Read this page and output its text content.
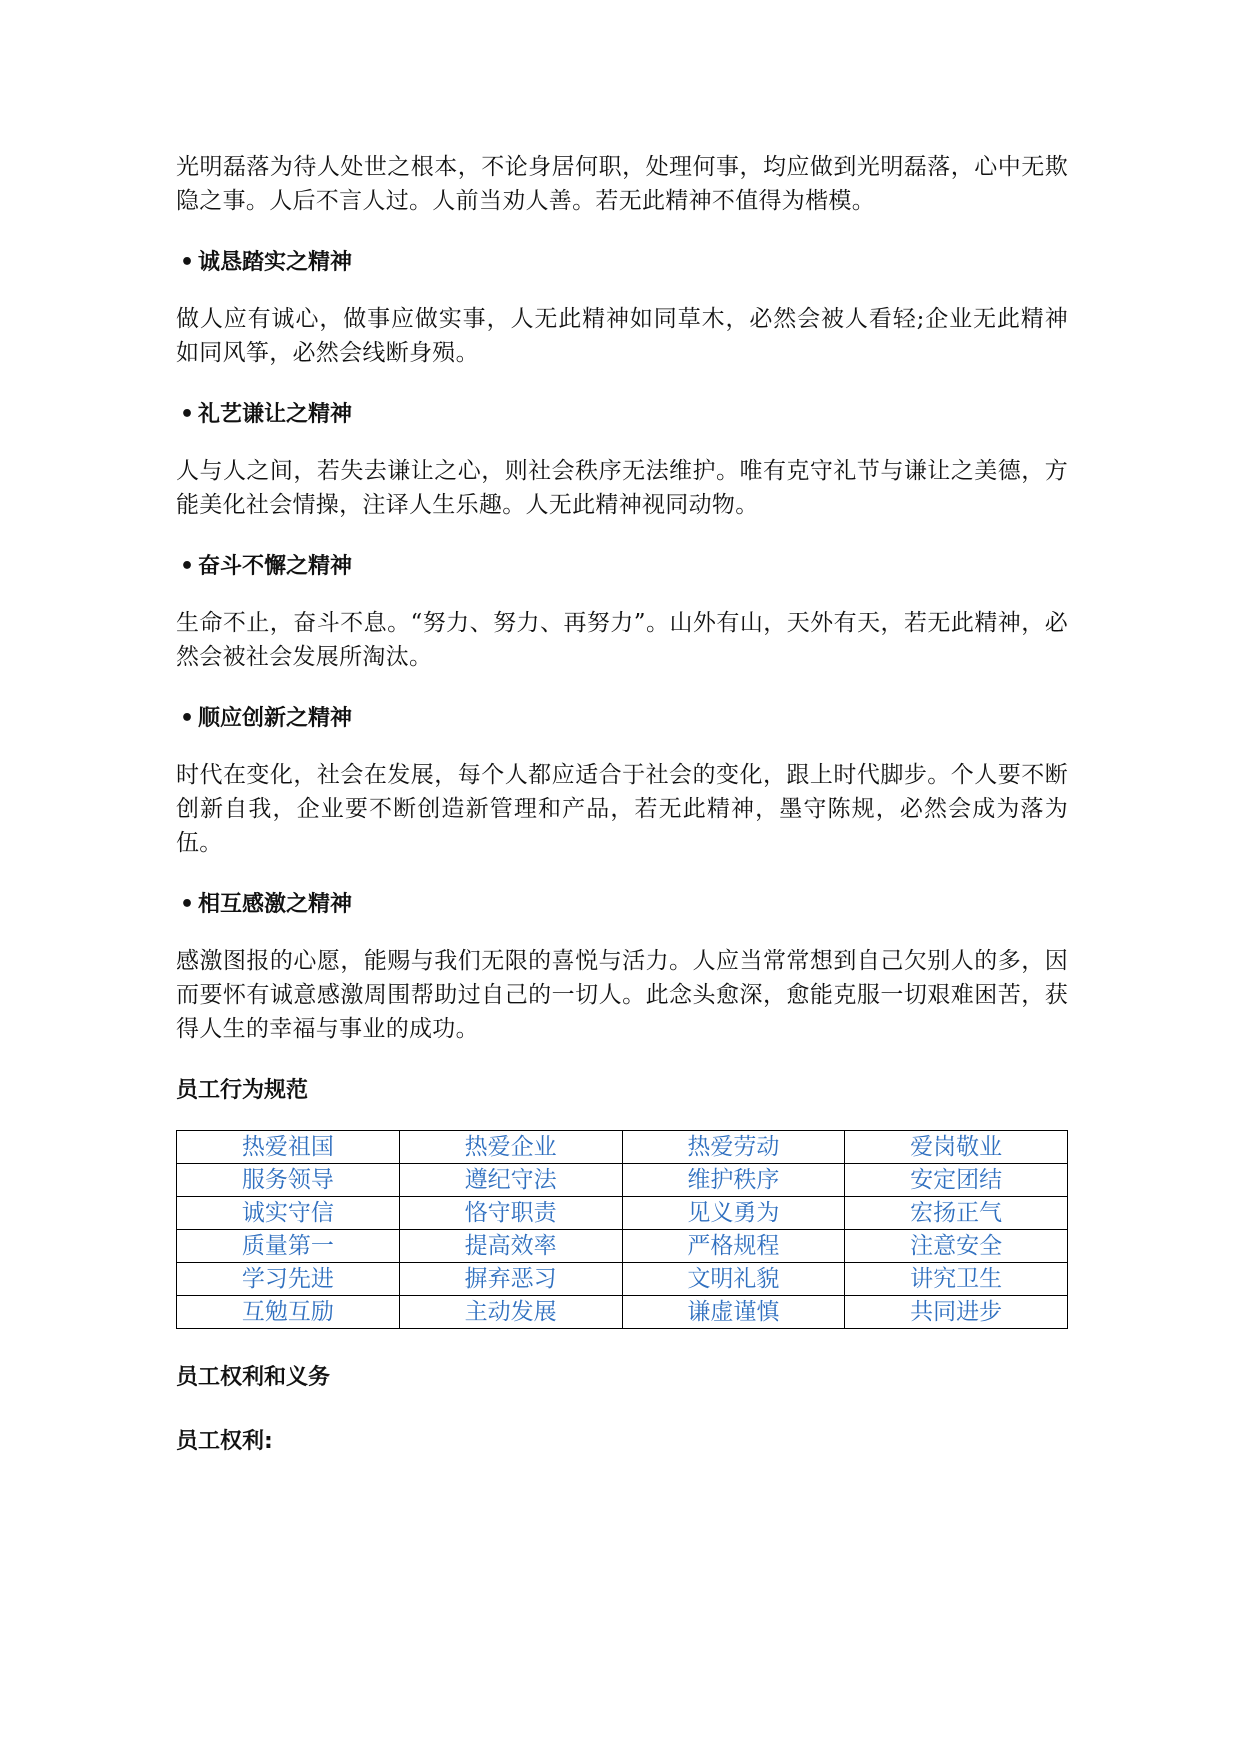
光明磊落为待人处世之根本，不论身居何职，处理何事，均应做到光明磊落，心中无欺隐之事。人后不言人过。人前当劝人善。若无此精神不值得为楷模。

• 诚恳踏实之精神

做人应有诚心，做事应做实事，人无此精神如同草木，必然会被人看轻;企业无此精神如同风筝，必然会线断身殒。

• 礼艺谦让之精神

人与人之间，若失去谦让之心，则社会秩序无法维护。唯有克守礼节与谦让之美德，方能美化社会情操，注译人生乐趣。人无此精神视同动物。

• 奋斗不懈之精神

生命不止，奋斗不息。“努力、努力、再努力”。山外有山，天外有天，若无此精神，必然会被社会发展所淘汰。

• 顺应创新之精神

时代在变化，社会在发展，每个人都应适合于社会的变化，跟上时代脚步。个人要不断创新自我，企业要不断创造新管理和产品，若无此精神，墨守陈规，必然会成为落为伍。

• 相互感激之精神

感激图报的心愿，能赐与我们无限的喜悦与活力。人应当常常想到自己欠别人的多，因而要怀有诚意感激周围帮助过自己的一切人。此念头愈深，愈能克服一切艰难困苦，获得人生的幸福与事业的成功。

员工行为规范

热爱祖国	热爱企业	热爱劳动	爱岗敬业
服务领导	遵纪守法	维护秩序	安定团结
诚实守信	恪守职责	见义勇为	宏扬正气
质量第一	提高效率	严格规程	注意安全
学习先进	摒弃恶习	文明礼貌	讲究卫生
互勉互励	主动发展	谦虚谨慎	共同进步

员工权利和义务

员工权利:
